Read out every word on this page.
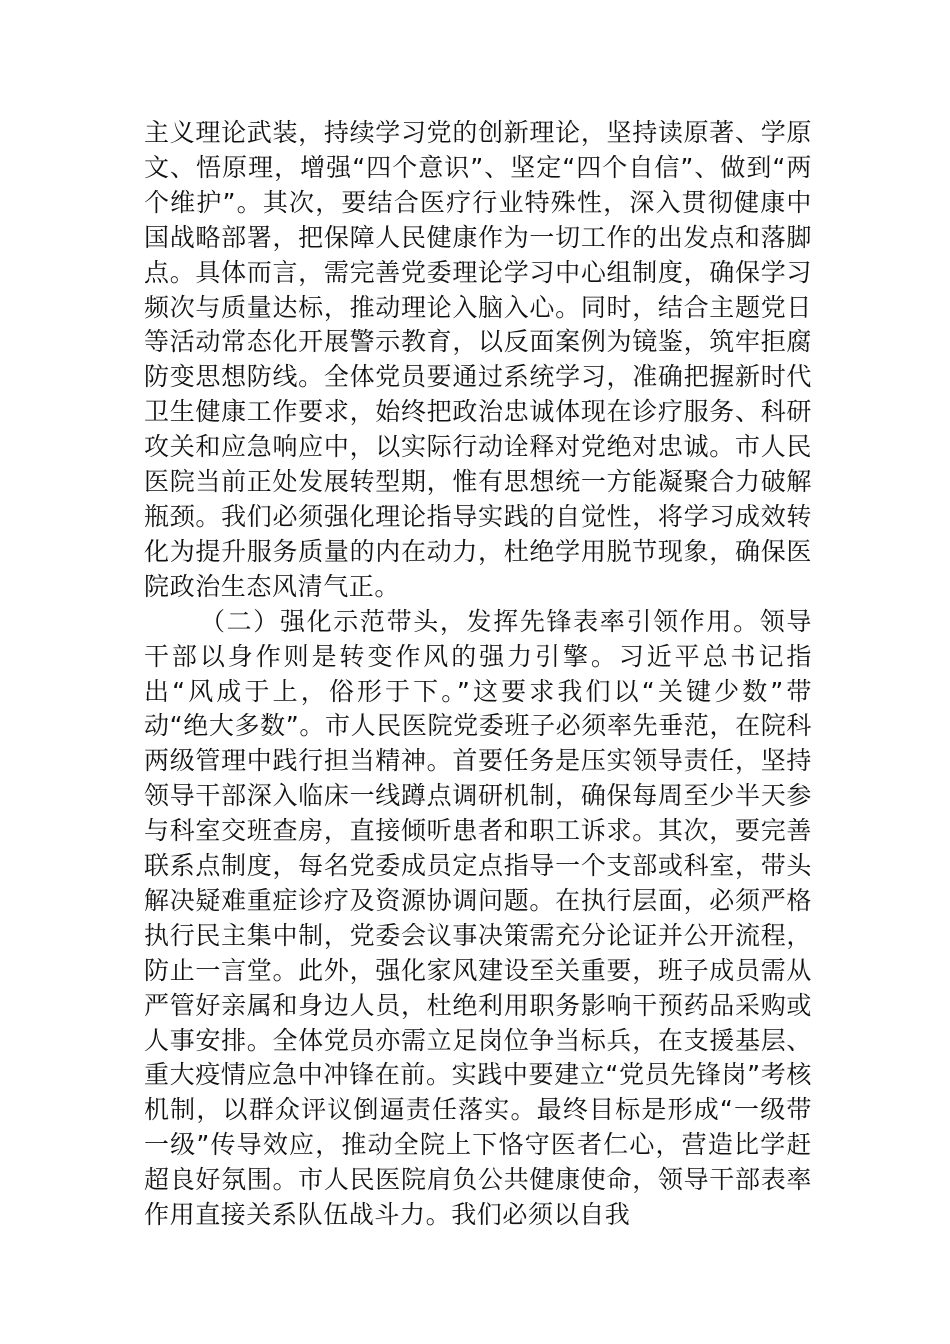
主义理论武装，持续学习党的创新理论，坚持读原著、学原文、悟原理，增强“四个意识”、坚定“四个自信”、做到“两个维护”。其次，要结合医疗行业特殊性，深入贯彻健康中国战略部署，把保障人民健康作为一切工作的出发点和落脚点。具体而言，需完善党委理论学习中心组制度，确保学习频次与质量达标，推动理论入脑入心。同时，结合主题党日等活动常态化开展警示教育，以反面案例为镜鉴，筑牢拒腐防变思想防线。全体党员要通过系统学习，准确把握新时代卫生健康工作要求，始终把政治忠诚体现在诊疗服务、科研攻关和应急响应中，以实际行动诠释对党绝对忠诚。市人民医院当前正处发展转型期，惟有思想统一方能凝聚合力破解瓶颈。我们必须强化理论指导实践的自觉性，将学习成效转化为提升服务质量的内在动力，杜绝学用脱节现象，确保医院政治生态风清气正。

（二）强化示范带头，发挥先锋表率引领作用。领导干部以身作则是转变作风的强力引擎。习近平总书记指出“风成于上，俗形于下。”这要求我们以“关键少数”带动“绝大多数”。市人民医院党委班子必须率先垂范，在院科两级管理中践行担当精神。首要任务是压实领导责任，坚持领导干部深入临床一线蹲点调研机制，确保每周至少半天参与科室交班查房，直接倾听患者和职工诉求。其次，要完善联系点制度，每名党委成员定点指导一个支部或科室，带头解决疑难重症诊疗及资源协调问题。在执行层面，必须严格执行民主集中制，党委会议事决策需充分论证并公开流程，防止一言堂。此外，强化家风建设至关重要，班子成员需从严管好亲属和身边人员，杜绝利用职务影响干预药品采购或人事安排。全体党员亦需立足岗位争当标兵，在支援基层、重大疫情应急中冲锋在前。实践中要建立“党员先锋岗”考核机制，以群众评议倒逼责任落实。最终目标是形成“一级带一级”传导效应，推动全院上下恪守医者仁心，营造比学赶超良好氛围。市人民医院肩负公共健康使命，领导干部表率作用直接关系队伍战斗力。我们必须以自我
